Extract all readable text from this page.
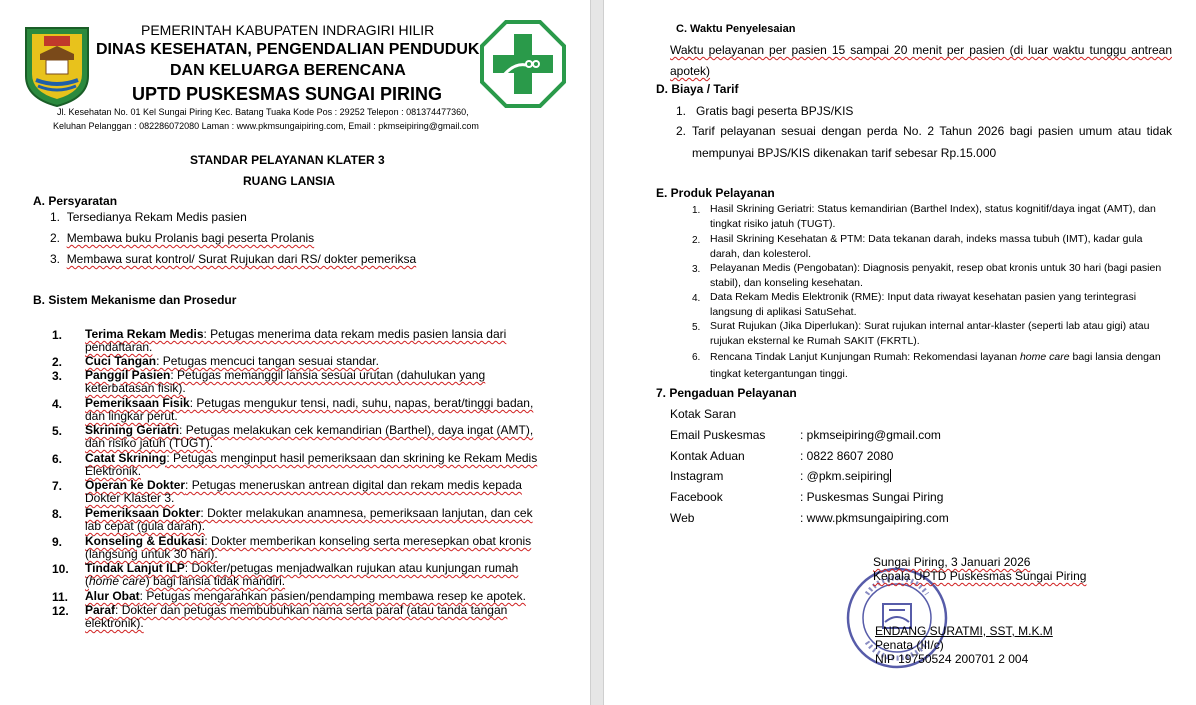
PEMERINTAH KABUPATEN INDRAGIRI HILIR
DINAS KESEHATAN, PENGENDALIAN PENDUDUK
DAN KELUARGA BERENCANA
UPTD PUSKESMAS SUNGAI PIRING
Jl. Kesehatan No. 01 Kel Sungai Piring Kec. Batang Tuaka Kode Pos : 29252 Telepon : 081374477360,
Keluhan Pelanggan : 082286072080 Laman : www.pkmsungaipiring.com, Email : pkmseipiring@gmail.com
STANDAR PELAYANAN KLATER 3
RUANG LANSIA
A. Persyaratan
1. Tersedianya Rekam Medis pasien
2. Membawa buku Prolanis bagi peserta Prolanis
3. Membawa surat kontrol/ Surat Rujukan dari RS/ dokter pemeriksa
B. Sistem Mekanisme dan Prosedur
1. Terima Rekam Medis: Petugas menerima data rekam medis pasien lansia dari pendaftaran.
2. Cuci Tangan: Petugas mencuci tangan sesuai standar.
3. Panggil Pasien: Petugas memanggil lansia sesuai urutan (dahulukan yang keterbatasan fisik).
4. Pemeriksaan Fisik: Petugas mengukur tensi, nadi, suhu, napas, berat/tinggi badan, dan lingkar perut.
5. Skrining Geriatri: Petugas melakukan cek kemandirian (Barthel), daya ingat (AMT), dan risiko jatuh (TUGT).
6. Catat Skrining: Petugas menginput hasil pemeriksaan dan skrining ke Rekam Medis Elektronik.
7. Operan ke Dokter: Petugas meneruskan antrean digital dan rekam medis kepada Dokter Klaster 3.
8. Pemeriksaan Dokter: Dokter melakukan anamnesa, pemeriksaan lanjutan, dan cek lab cepat (gula darah).
9. Konseling & Edukasi: Dokter memberikan konseling serta meresepkan obat kronis (langsung untuk 30 hari).
10. Tindak Lanjut ILP: Dokter/petugas menjadwalkan rujukan atau kunjungan rumah (home care) bagi lansia tidak mandiri.
11. Alur Obat: Petugas mengarahkan pasien/pendamping membawa resep ke apotek.
12. Paraf: Dokter dan petugas membubuhkan nama serta paraf (atau tanda tangan elektronik).
C. Waktu Penyelesaian
Waktu pelayanan per pasien 15 sampai 20 menit per pasien (di luar waktu tunggu antrean apotek)
D. Biaya / Tarif
1. Gratis bagi peserta BPJS/KIS
2. Tarif pelayanan sesuai dengan perda No. 2 Tahun 2026 bagi pasien umum atau tidak mempunyai BPJS/KIS dikenakan tarif sebesar Rp.15.000
E. Produk Pelayanan
1. Hasil Skrining Geriatri: Status kemandirian (Barthel Index), status kognitif/daya ingat (AMT), dan tingkat risiko jatuh (TUGT).
2. Hasil Skrining Kesehatan & PTM: Data tekanan darah, indeks massa tubuh (IMT), kadar gula darah, dan kolesterol.
3. Pelayanan Medis (Pengobatan): Diagnosis penyakit, resep obat kronis untuk 30 hari (bagi pasien stabil), dan konseling kesehatan.
4. Data Rekam Medis Elektronik (RME): Input data riwayat kesehatan pasien yang terintegrasi langsung di aplikasi SatuSehat.
5. Surat Rujukan (Jika Diperlukan): Surat rujukan internal antar-klaster (seperti lab atau gigi) atau rujukan eksternal ke Rumah SAKIT (FKRTL).
6. Rencana Tindak Lanjut Kunjungan Rumah: Rekomendasi layanan home care bagi lansia dengan tingkat ketergantungan tinggi.
7. Pengaduan Pelayanan
Kotak Saran
Email Puskesmas	: pkmseipiring@gmail.com
Kontak Aduan	: 0822 8607 2080
Instagram	: @pkm.seipiring
Facebook	: Puskesmas Sungai Piring
Web	: www.pkmsungaipiring.com
Sungai Piring, 3 Januari 2026
Kepala UPTD Puskesmas Sungai Piring
ENDANG SURATMI, SST, M.K.M
Penata (III/c)
NIP 19750524 200701 2 004
